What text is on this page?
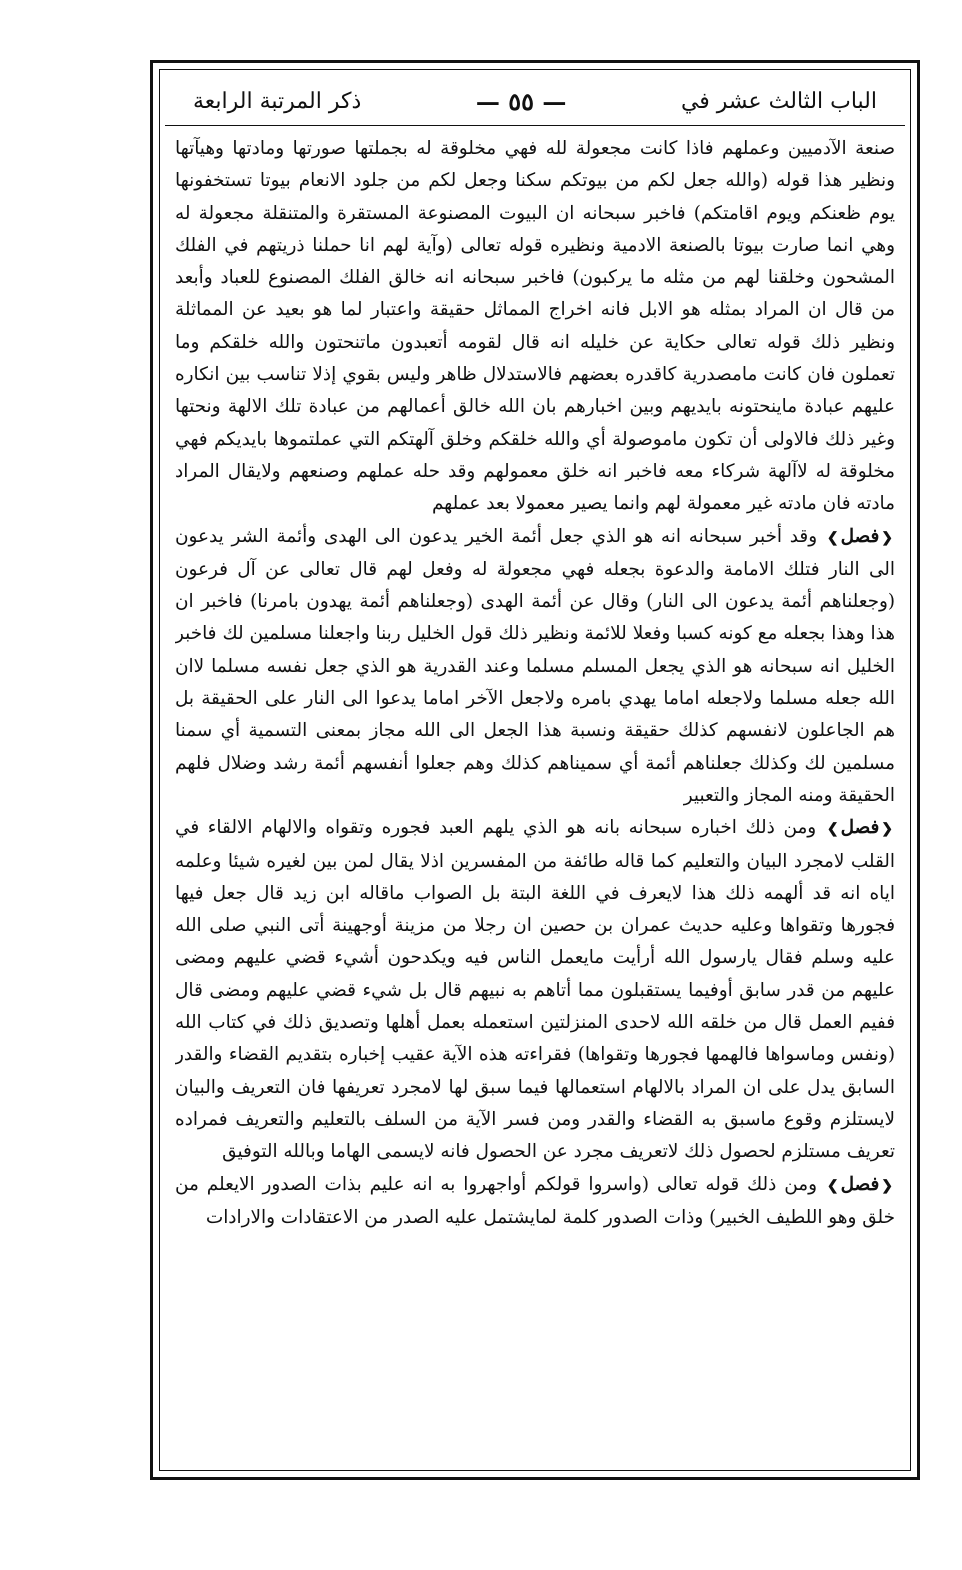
الباب الثالث عشر في
— ٥٥ —
ذكر المرتبة الرابعة

صنعة الآدميين وعملهم فاذا كانت مجعولة لله فهي مخلوقة له بجملتها صورتها ومادتها وهيآتها ونظير هذا قوله (والله جعل لكم من بيوتكم سكنا وجعل لكم من جلود الانعام بيوتا تستخفونها يوم ظعنكم ويوم اقامتكم) فاخبر سبحانه ان البيوت المصنوعة المستقرة والمتنقلة مجعولة له وهي انما صارت بيوتا بالصنعة الادمية ونظيره قوله تعالى (وآية لهم انا حملنا ذريتهم في الفلك المشحون وخلقنا لهم من مثله ما يركبون) فاخبر سبحانه انه خالق الفلك المصنوع للعباد وأبعد من قال ان المراد بمثله هو الابل فانه اخراج المماثل حقيقة واعتبار لما هو بعيد عن المماثلة ونظير ذلك قوله تعالى حكاية عن خليله انه قال لقومه أتعبدون ماتنحتون والله خلقكم وما تعملون فان كانت مامصدرية كاقدره بعضهم فالاستدلال ظاهر وليس بقوي إذلا تناسب بين انكاره عليهم عبادة ماينحتونه بايديهم وبين اخبارهم بان الله خالق أعمالهم من عبادة تلك الالهة ونحتها وغير ذلك فالاولى أن تكون ماموصولة أي والله خلقكم وخلق آلهتكم التي عملتموها بايديكم فهي مخلوقة له لاآلهة شركاء معه فاخبر انه خلق معمولهم وقد حله عملهم وصنعهم ولايقال المراد مادته فان مادته غير معمولة لهم وانما يصير معمولا بعد عملهم

❮فصل❯ وقد أخبر سبحانه انه هو الذي جعل أئمة الخير يدعون الى الهدى وأئمة الشر يدعون الى النار فتلك الامامة والدعوة بجعله فهي مجعولة له وفعل لهم قال تعالى عن آل فرعون (وجعلناهم أئمة يدعون الى النار) وقال عن أئمة الهدى (وجعلناهم أئمة يهدون بامرنا) فاخبر ان هذا وهذا بجعله مع كونه كسبا وفعلا للائمة ونظير ذلك قول الخليل ربنا واجعلنا مسلمين لك فاخبر الخليل انه سبحانه هو الذي يجعل المسلم مسلما وعند القدرية هو الذي جعل نفسه مسلما لاان الله جعله مسلما ولاجعله اماما يهدي بامره ولاجعل الآخر اماما يدعوا الى النار على الحقيقة بل هم الجاعلون لانفسهم كذلك حقيقة ونسبة هذا الجعل الى الله مجاز بمعنى التسمية أي سمنا مسلمين لك وكذلك جعلناهم أئمة أي سميناهم كذلك وهم جعلوا أنفسهم أئمة رشد وضلال فلهم الحقيقة ومنه المجاز والتعبير

❮فصل❯ ومن ذلك اخباره سبحانه بانه هو الذي يلهم العبد فجوره وتقواه والالهام الالقاء في القلب لامجرد البيان والتعليم كما قاله طائفة من المفسرين اذلا يقال لمن بين لغيره شيئا وعلمه اياه انه قد ألهمه ذلك هذا لايعرف في اللغة البتة بل الصواب ماقاله ابن زيد قال جعل فيها فجورها وتقواها وعليه حديث عمران بن حصين ان رجلا من مزينة أوجهينة أتى النبي صلى الله عليه وسلم فقال يارسول الله أرأيت مايعمل الناس فيه ويكدحون أشيء قضي عليهم ومضى عليهم من قدر سابق أوفيما يستقبلون مما أتاهم به نبيهم قال بل شيء قضي عليهم ومضى قال ففيم العمل قال من خلقه الله لاحدى المنزلتين استعمله بعمل أهلها وتصديق ذلك في كتاب الله (ونفس وماسواها فالهمها فجورها وتقواها) فقراءته هذه الآية عقيب إخباره بتقديم القضاء والقدر السابق يدل على ان المراد بالالهام استعمالها فيما سبق لها لامجرد تعريفها فان التعريف والبيان لايستلزم وقوع ماسبق به القضاء والقدر ومن فسر الآية من السلف بالتعليم والتعريف فمراده تعريف مستلزم لحصول ذلك لاتعريف مجرد عن الحصول فانه لايسمى الهاما وبالله التوفيق

❮فصل❯ ومن ذلك قوله تعالى (واسروا قولكم أواجهروا به انه عليم بذات الصدور الايعلم من خلق وهو اللطيف الخبير) وذات الصدور كلمة لمايشتمل عليه الصدر من الاعتقادات والارادات
